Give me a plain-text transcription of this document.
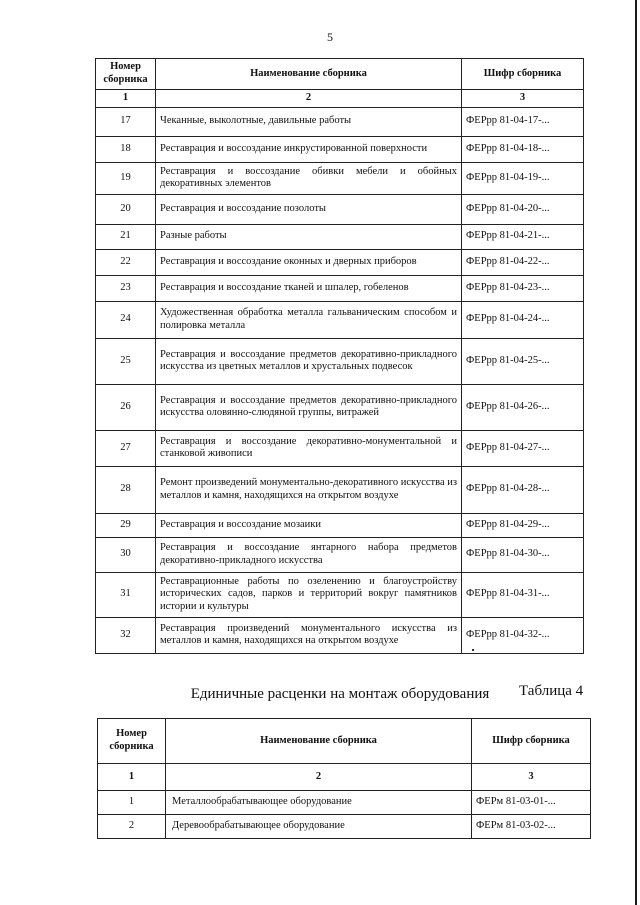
5
Номер сборника	Наименование сборника	Шифр сборника
1	2	3
17	Чеканные, выколотные, давильные работы	ФЕРрр 81-04-17-...
18	Реставрация и воссоздание инкрустированной поверхности	ФЕРрр 81-04-18-...
19	Реставрация и воссоздание обивки мебели и обойных декоративных элементов	ФЕРрр 81-04-19-...
20	Реставрация и воссоздание позолоты	ФЕРрр 81-04-20-...
21	Разные работы	ФЕРрр 81-04-21-...
22	Реставрация и воссоздание оконных и дверных приборов	ФЕРрр 81-04-22-...
23	Реставрация и воссоздание тканей и шпалер, гобеленов	ФЕРрр 81-04-23-...
24	Художественная обработка металла гальваническим способом и полировка металла	ФЕРрр 81-04-24-...
25	Реставрация и воссоздание предметов декоративно-прикладного искусства из цветных металлов и хрустальных подвесок	ФЕРрр 81-04-25-...
26	Реставрация и воссоздание предметов декоративно-прикладного искусства оловянно-слюдяной группы, витражей	ФЕРрр 81-04-26-...
27	Реставрация и воссоздание декоративно-монументальной и станковой живописи	ФЕРрр 81-04-27-...
28	Ремонт произведений монументально-декоративного искусства из металлов и камня, находящихся на открытом воздухе	ФЕРрр 81-04-28-...
29	Реставрация и воссоздание мозаики	ФЕРрр 81-04-29-...
30	Реставрация и воссоздание янтарного набора предметов декоративно-прикладного искусства	ФЕРрр 81-04-30-...
31	Реставрационные работы по озеленению и благоустройству исторических садов, парков и территорий вокруг памятников истории и культуры	ФЕРрр 81-04-31-...
32	Реставрация произведений монументального искусства из металлов и камня, находящихся на открытом воздухе	ФЕРрр 81-04-32-...
Таблица 4
Единичные расценки на монтаж оборудования
Номер сборника	Наименование сборника	Шифр сборника
1	2	3
1	Металлообрабатывающее оборудование	ФЕРм 81-03-01-...
2	Деревообрабатывающее оборудование	ФЕРм 81-03-02-...
